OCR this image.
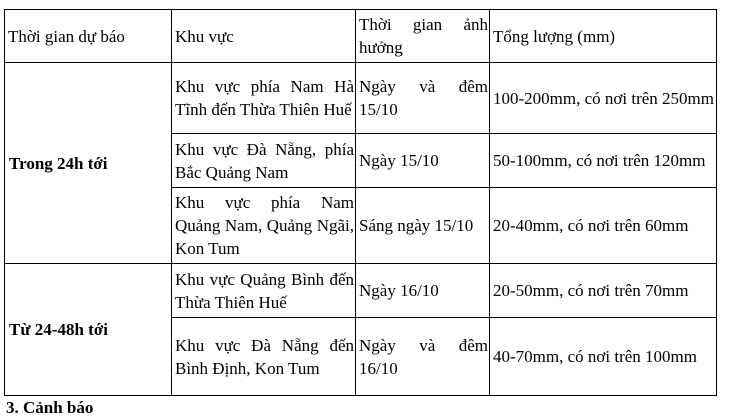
Thời gian dự báo	Khu vực	Thời gian ảnh hưởng	Tổng lượng (mm)
Trong 24h tới	Khu vực phía Nam Hà Tĩnh đến Thừa Thiên Huế	Ngày và đêm 15/10	100-200mm, có nơi trên 250mm
	Khu vực Đà Nẵng, phía Bắc Quảng Nam	Ngày 15/10	50-100mm, có nơi trên 120mm
	Khu vực phía Nam Quảng Nam, Quảng Ngãi, Kon Tum	Sáng ngày 15/10	20-40mm, có nơi trên 60mm
Từ 24-48h tới	Khu vực Quảng Bình đến Thừa Thiên Huế	Ngày 16/10	20-50mm, có nơi trên 70mm
	Khu vực Đà Nẵng đến Bình Định, Kon Tum	Ngày và đêm 16/10	40-70mm, có nơi trên 100mm
3. Cảnh báo
